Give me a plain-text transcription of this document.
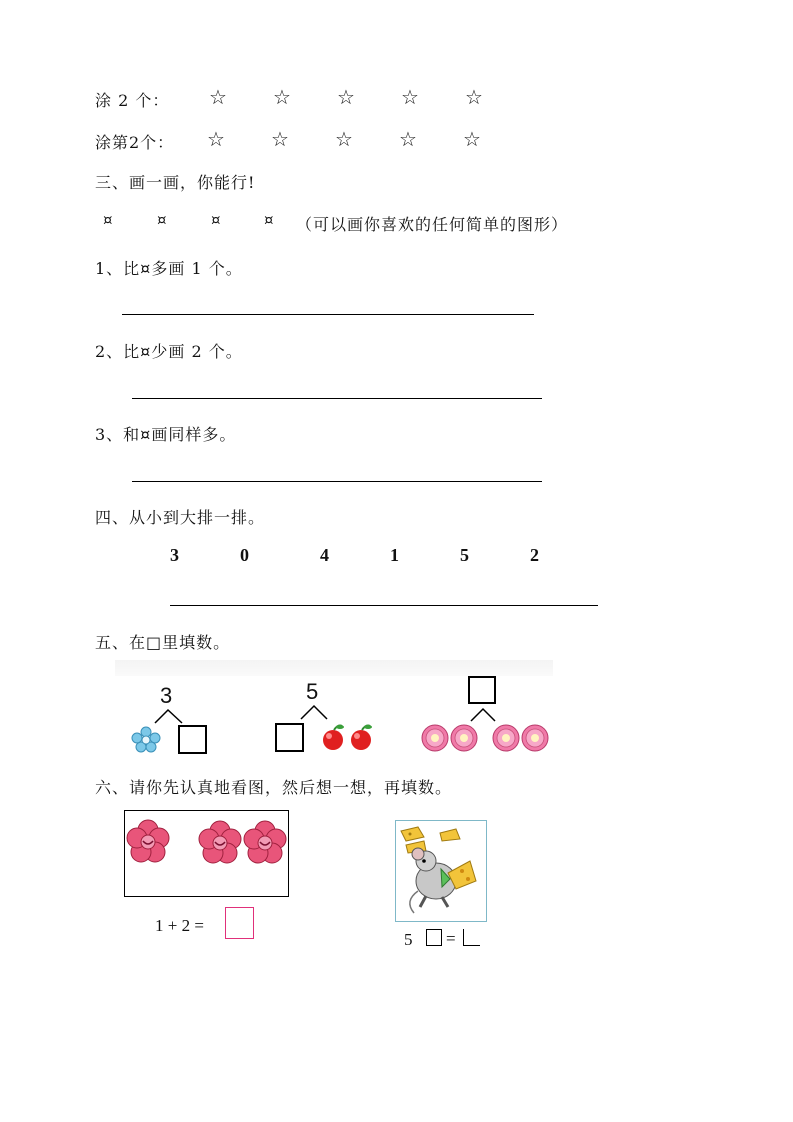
涂 2 个： ☆ ☆ ☆ ☆ ☆
涂第2个： ☆ ☆ ☆ ☆ ☆
三、画一画，你能行!
¤	¤	¤	¤ （可以画你喜欢的任何简单的图形）
1、比¤多画 1 个。
2、比¤少画 2 个。
3、和¤画同样多。
四、从小到大排一排。
3	0	4	1	5	2
五、在□里填数。
3	5
六、请你先认真地看图，然后想一想，再填数。
1 + 2 =
5 =
